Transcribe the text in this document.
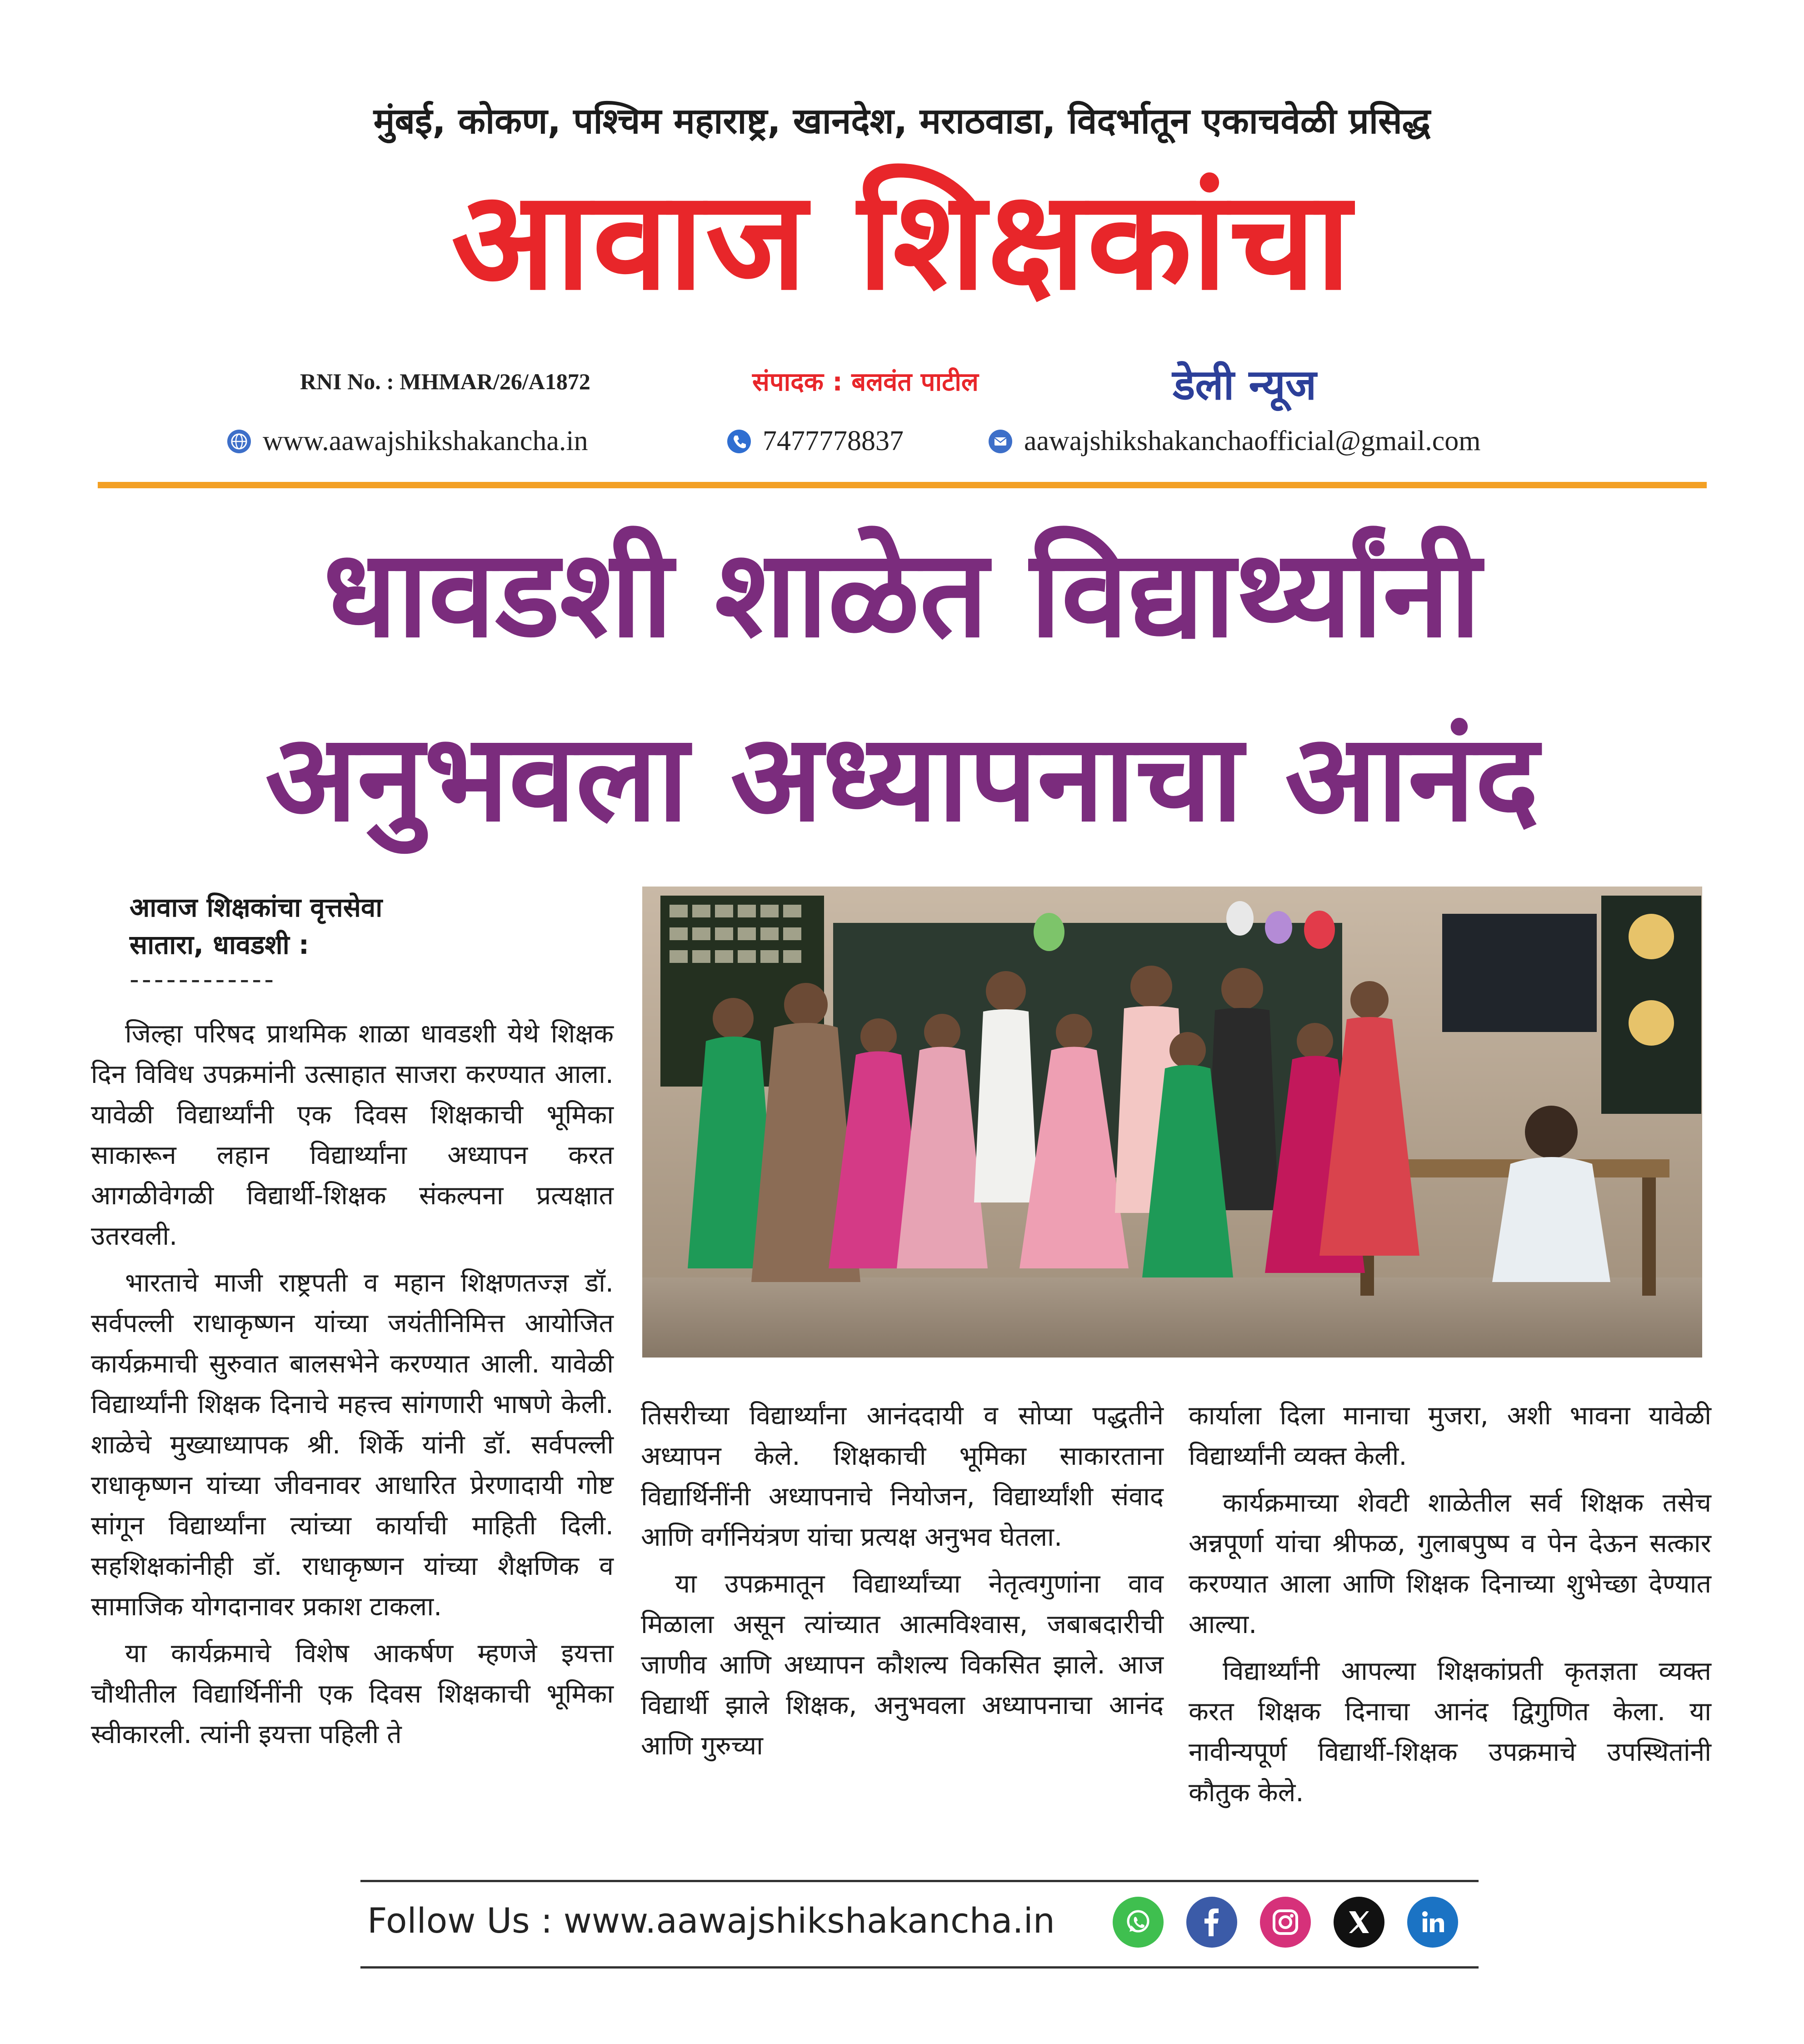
मुंबई, कोकण, पश्चिम महाराष्ट्र, खानदेश, मराठवाडा, विदर्भातून एकाचवेळी प्रसिद्ध
आवाज शिक्षकांचा
RNI No. : MHMAR/26/A1872	संपादक : बलवंत पाटील	डेली न्यूज
www.aawajshikshakancha.in	7477778837	aawajshikshakanchaofficial@gmail.com
धावडशी शाळेत विद्यार्थ्यांनी
अनुभवला अध्यापनाचा आनंद
आवाज शिक्षकांचा वृत्तसेवा
सातारा, धावडशी :
------------

जिल्हा परिषद प्राथमिक शाळा धावडशी येथे शिक्षक दिन विविध उपक्रमांनी उत्साहात साजरा करण्यात आला. यावेळी विद्यार्थ्यांनी एक दिवस शिक्षकाची भूमिका साकारून लहान विद्यार्थ्यांना अध्यापन करत आगळीवेगळी विद्यार्थी-शिक्षक संकल्पना प्रत्यक्षात उतरवली.

भारताचे माजी राष्ट्रपती व महान शिक्षणतज्ज्ञ डॉ. सर्वपल्ली राधाकृष्णन यांच्या जयंतीनिमित्त आयोजित कार्यक्रमाची सुरुवात बालसभेने करण्यात आली. यावेळी विद्यार्थ्यांनी शिक्षक दिनाचे महत्त्व सांगणारी भाषणे केली. शाळेचे मुख्याध्यापक श्री. शिर्के यांनी डॉ. सर्वपल्ली राधाकृष्णन यांच्या जीवनावर आधारित प्रेरणादायी गोष्ट सांगून विद्यार्थ्यांना त्यांच्या कार्याची माहिती दिली. सहशिक्षकांनीही डॉ. राधाकृष्णन यांच्या शैक्षणिक व सामाजिक योगदानावर प्रकाश टाकला.

या कार्यक्रमाचे विशेष आकर्षण म्हणजे इयत्ता चौथीतील विद्यार्थिनींनी एक दिवस शिक्षकाची भूमिका स्वीकारली. त्यांनी इयत्ता पहिली ते

तिसरीच्या विद्यार्थ्यांना आनंददायी व सोप्या पद्धतीने अध्यापन केले. शिक्षकाची भूमिका साकारताना विद्यार्थिनींनी अध्यापनाचे नियोजन, विद्यार्थ्यांशी संवाद आणि वर्गनियंत्रण यांचा प्रत्यक्ष अनुभव घेतला.

या उपक्रमातून विद्यार्थ्यांच्या नेतृत्वगुणांना वाव मिळाला असून त्यांच्यात आत्मविश्वास, जबाबदारीची जाणीव आणि अध्यापन कौशल्य विकसित झाले. आज विद्यार्थी झाले शिक्षक, अनुभवला अध्यापनाचा आनंद आणि गुरुच्या

कार्याला दिला मानाचा मुजरा, अशी भावना यावेळी विद्यार्थ्यांनी व्यक्त केली.

कार्यक्रमाच्या शेवटी शाळेतील सर्व शिक्षक तसेच अन्नपूर्णा यांचा श्रीफळ, गुलाबपुष्प व पेन देऊन सत्कार करण्यात आला आणि शिक्षक दिनाच्या शुभेच्छा देण्यात आल्या.

विद्यार्थ्यांनी आपल्या शिक्षकांप्रती कृतज्ञता व्यक्त करत शिक्षक दिनाचा आनंद द्विगुणित केला. या नावीन्यपूर्ण विद्यार्थी-शिक्षक उपक्रमाचे उपस्थितांनी कौतुक केले.

Follow Us : www.aawajshikshakancha.in
